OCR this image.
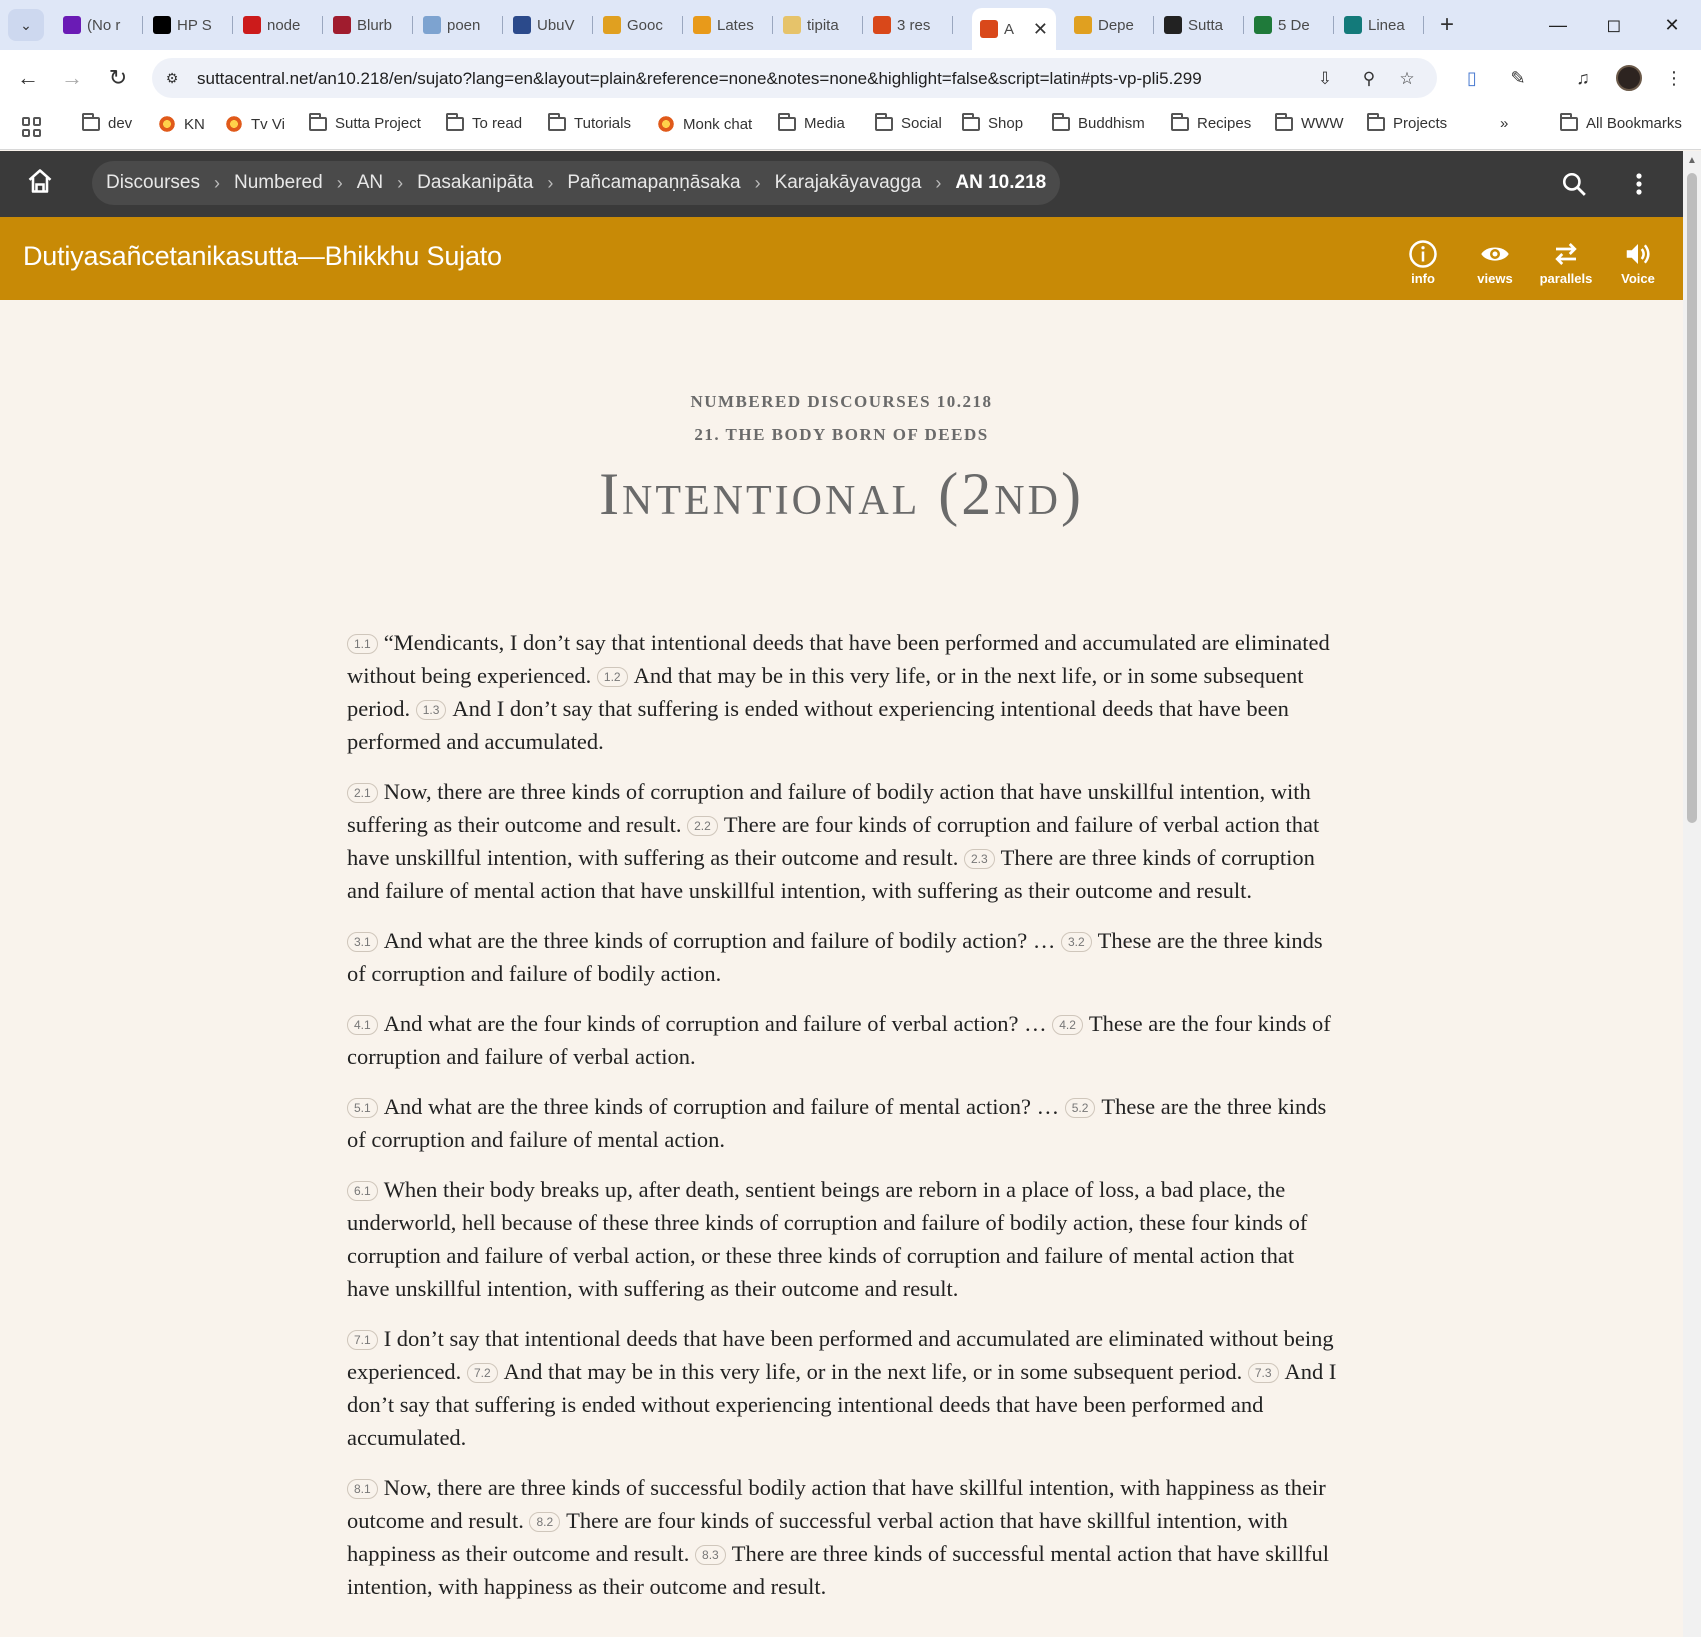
⌄	(No r	HP S	node	Blurb	poen	UbuV	Gooc	Lates	tipita	3 res	A ✕	Depe	Sutta	5 De	Linea +	— ◻ ✕
← → ↻	⚙ suttacentral.net/an10.218/en/sujato?lang=en&layout=plain&reference=none&notes=none&highlight=false&script=latin#pts-vp-pli5.299	⇩ ⚲ ☆	▯	✎	♫	⋮
dev	KN	Tv Vi	Sutta Project	To read	Tutorials	Monk chat	Media	Social	Shop	Buddhism	Recipes	WWW	Projects	»	All Bookmarks
Discourses › Numbered › AN › Dasakanipāta › Pañcamapaṇṇāsaka › Karajakāyavagga › AN 10.218
Dutiyasañcetanikasutta—Bhikkhu Sujato
info	views parallels Voice
NUMBERED DISCOURSES 10.218
21. THE BODY BORN OF DEEDS
Intentional (2nd)

1.1 “Mendicants, I don’t say that intentional deeds that have been performed and accumulated are eliminated without being experienced. 1.2 And that may be in this very life, or in the next life, or in some subsequent period. 1.3 And I don’t say that suffering is ended without experiencing intentional deeds that have been performed and accumulated.

2.1 Now, there are three kinds of corruption and failure of bodily action that have unskillful intention, with suffering as their outcome and result. 2.2 There are four kinds of corruption and failure of verbal action that have unskillful intention, with suffering as their outcome and result. 2.3 There are three kinds of corruption and failure of mental action that have unskillful intention, with suffering as their outcome and result.

3.1 And what are the three kinds of corruption and failure of bodily action? … 3.2 These are the three kinds of corruption and failure of bodily action.

4.1 And what are the four kinds of corruption and failure of verbal action? … 4.2 These are the four kinds of corruption and failure of verbal action.

5.1 And what are the three kinds of corruption and failure of mental action? … 5.2 These are the three kinds of corruption and failure of mental action.

6.1 When their body breaks up, after death, sentient beings are reborn in a place of loss, a bad place, the underworld, hell because of these three kinds of corruption and failure of bodily action, these four kinds of corruption and failure of verbal action, or these three kinds of corruption and failure of mental action that have unskillful intention, with suffering as their outcome and result.

7.1 I don’t say that intentional deeds that have been performed and accumulated are eliminated without being experienced. 7.2 And that may be in this very life, or in the next life, or in some subsequent period. 7.3 And I don’t say that suffering is ended without experiencing intentional deeds that have been performed and accumulated.

8.1 Now, there are three kinds of successful bodily action that have skillful intention, with happiness as their outcome and result. 8.2 There are four kinds of successful verbal action that have skillful intention, with happiness as their outcome and result. 8.3 There are three kinds of successful mental action that have skillful intention, with happiness as their outcome and result.

▲
